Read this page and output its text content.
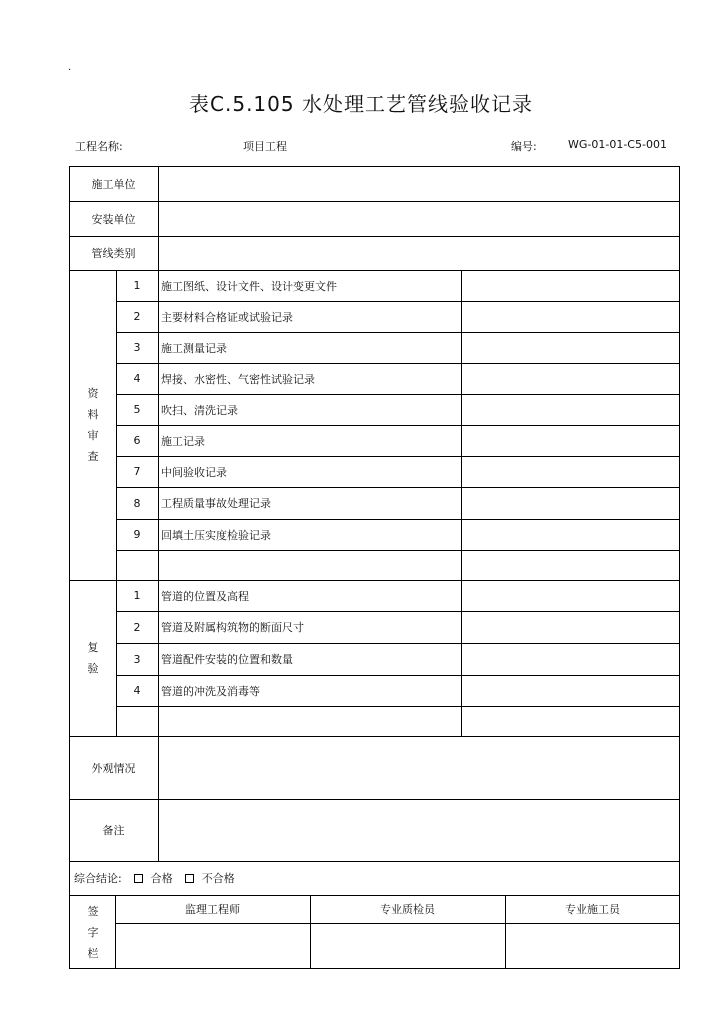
.
表C.5.105 水处理工艺管线验收记录
工程名称:	项目工程	编号:	WG-01-01-C5-001
施工单位
安装单位
管线类别
1	施工图纸、设计文件、设计变更文件
2	主要材料合格证或试验记录
3	施工测量记录
4	焊接、水密性、气密性试验记录
5	吹扫、清洗记录
6	施工记录
7	中间验收记录
8	工程质量事故处理记录
9	回填土压实度检验记录
资
料
审
查
1	管道的位置及高程
2	管道及附属构筑物的断面尺寸
3	管道配件安装的位置和数量
4	管道的冲洗及消毒等
复
验
外观情况
备注
综合结论:	合格	不合格
监理工程师	专业质检员	专业施工员
签
字
栏
